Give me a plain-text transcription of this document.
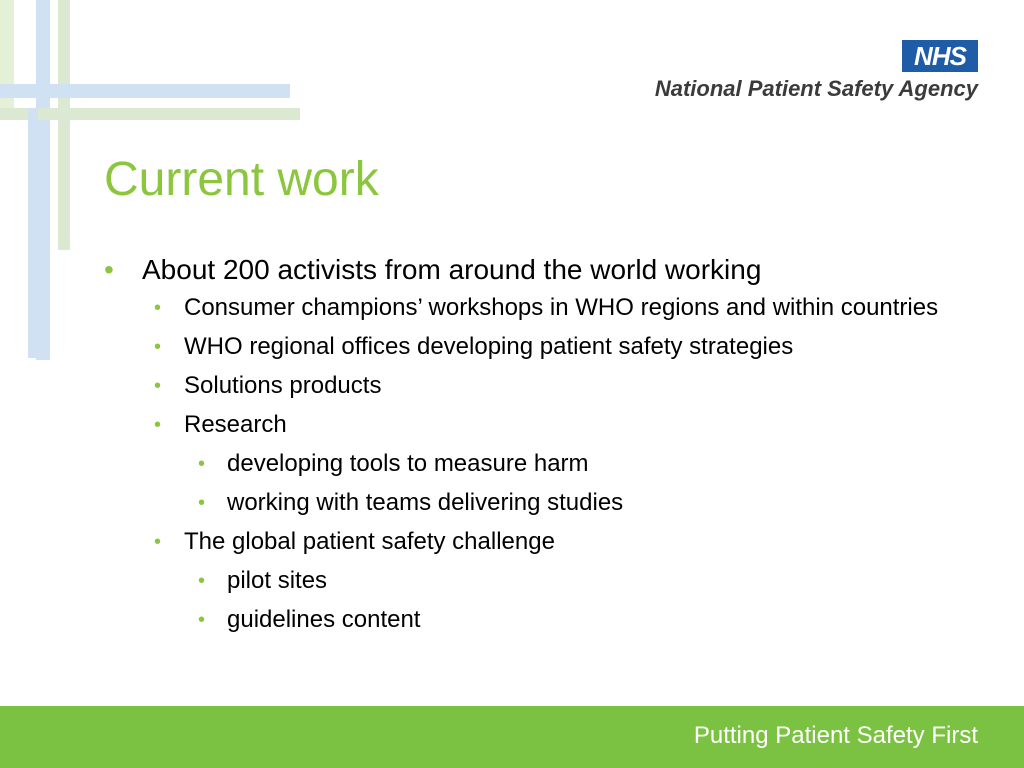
NHS
National Patient Safety Agency
Current work
• About 200 activists from around the world working
• Consumer champions’ workshops in WHO regions and within countries
• WHO regional offices developing patient safety strategies
• Solutions products
• Research
• developing tools to measure harm
• working with teams delivering studies
• The global patient safety challenge
• pilot sites
• guidelines content
Putting Patient Safety First
